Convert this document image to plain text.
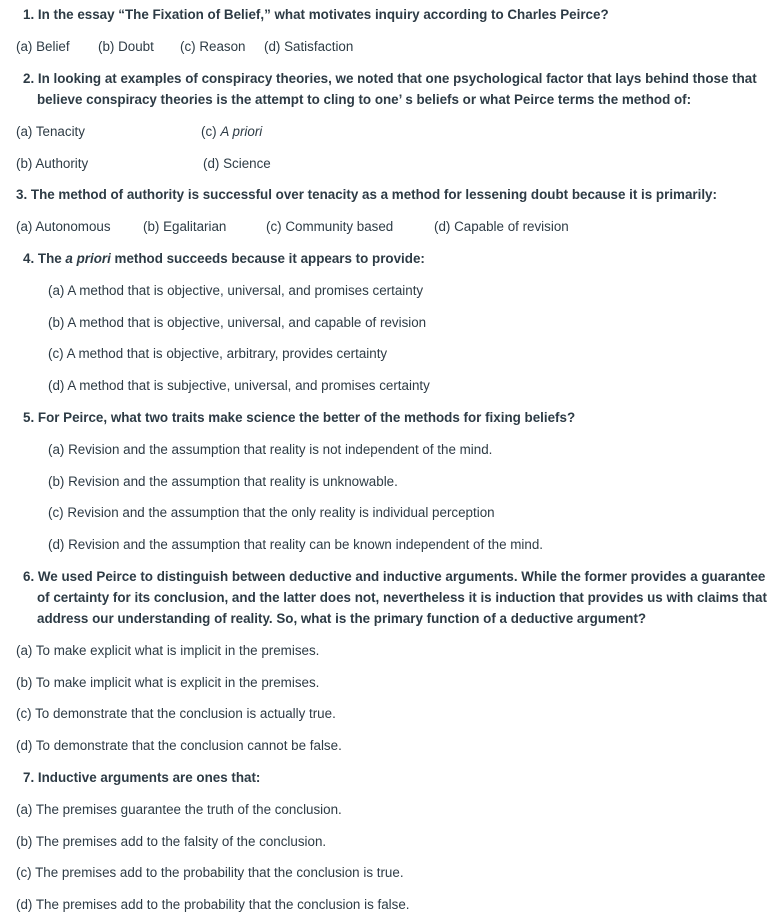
1. In the essay “The Fixation of Belief,” what motivates inquiry according to Charles Peirce?
(a) Belief (b) Doubt (c) Reason (d) Satisfaction
2. In looking at examples of conspiracy theories, we noted that one psychological factor that lays behind those that
believe conspiracy theories is the attempt to cling to one’ s beliefs or what Peirce terms the method of:
(a) Tenacity	(c) A priori
(b) Authority	(d) Science
3. The method of authority is successful over tenacity as a method for lessening doubt because it is primarily:
(a) Autonomous (b) Egalitarian	(c) Community based	(d) Capable of revision
4. The a priori method succeeds because it appears to provide:
(a) A method that is objective, universal, and promises certainty
(b) A method that is objective, universal, and capable of revision
(c) A method that is objective, arbitrary, provides certainty
(d) A method that is subjective, universal, and promises certainty
5. For Peirce, what two traits make science the better of the methods for fixing beliefs?
(a) Revision and the assumption that reality is not independent of the mind.
(b) Revision and the assumption that reality is unknowable.
(c) Revision and the assumption that the only reality is individual perception
(d) Revision and the assumption that reality can be known independent of the mind.
6. We used Peirce to distinguish between deductive and inductive arguments. While the former provides a guarantee
of certainty for its conclusion, and the latter does not, nevertheless it is induction that provides us with claims that
address our understanding of reality. So, what is the primary function of a deductive argument?
(a) To make explicit what is implicit in the premises.
(b) To make implicit what is explicit in the premises.
(c) To demonstrate that the conclusion is actually true.
(d) To demonstrate that the conclusion cannot be false.
7. Inductive arguments are ones that:
(a) The premises guarantee the truth of the conclusion.
(b) The premises add to the falsity of the conclusion.
(c) The premises add to the probability that the conclusion is true.
(d) The premises add to the probability that the conclusion is false.
